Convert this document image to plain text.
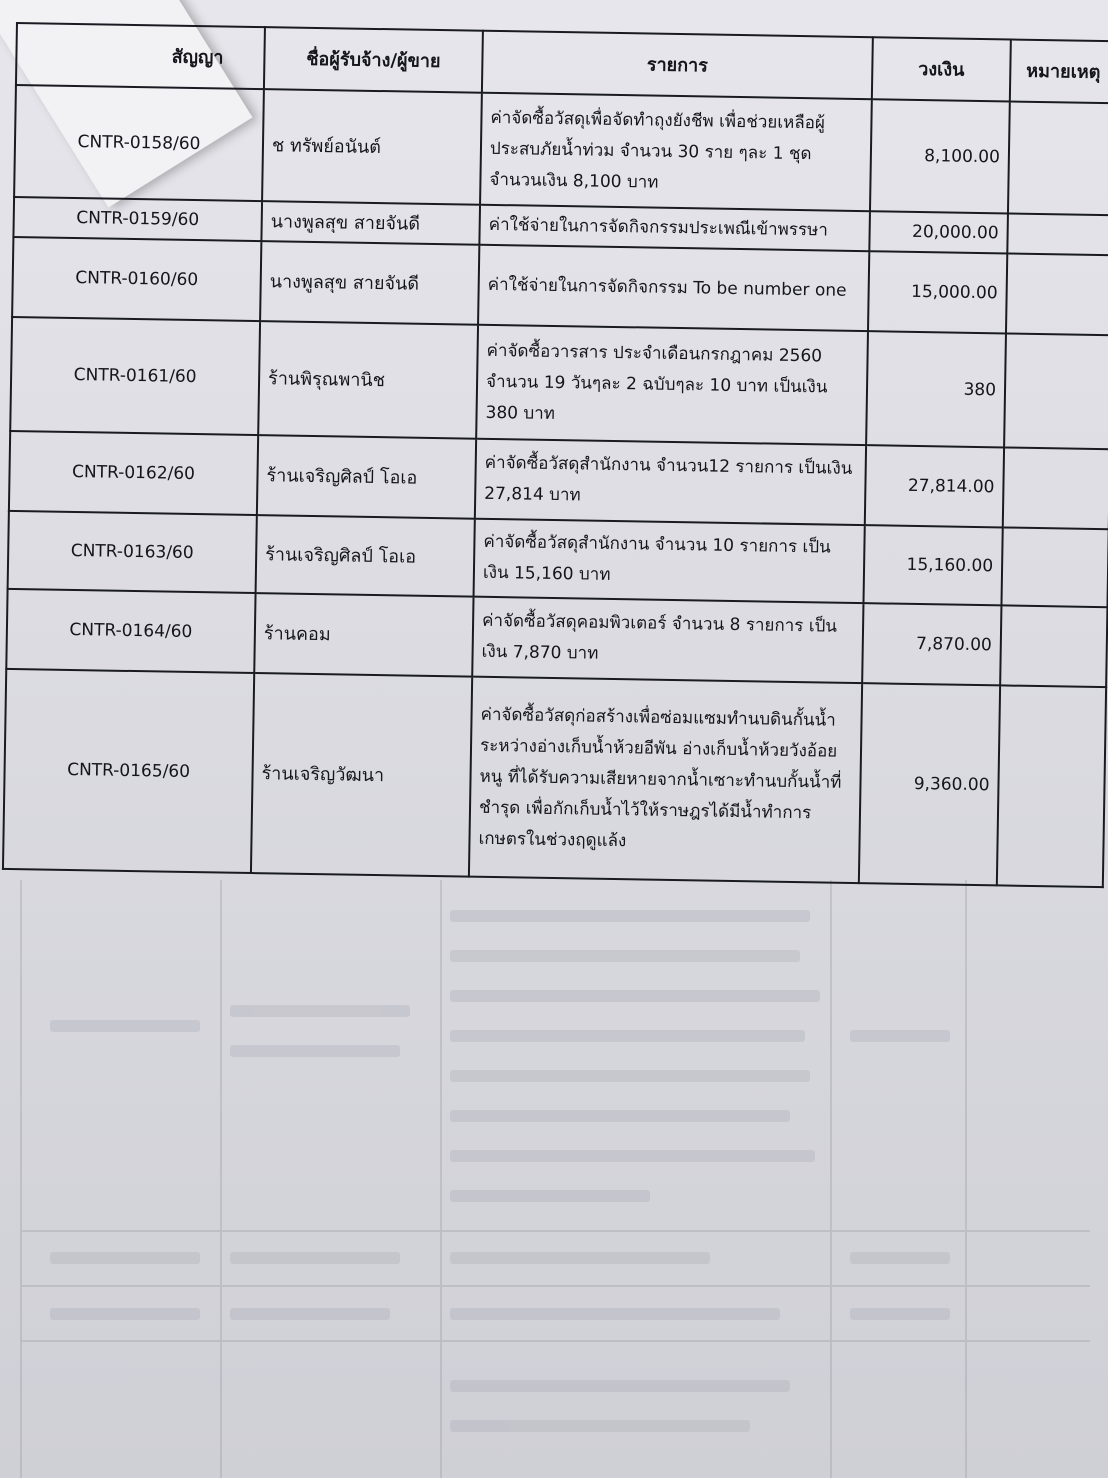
สัญญา	ชื่อผู้รับจ้าง/ผู้ขาย	รายการ	วงเงิน	หมายเหตุ
CNTR-0158/60	ช ทรัพย์อนันต์	ค่าจัดซื้อวัสดุเพื่อจัดทำถุงยังชีพ เพื่อช่วยเหลือผู้ประสบภัยน้ำท่วม จำนวน 30 ราย ๆละ 1 ชุด จำนวนเงิน 8,100 บาท	8,100.00	
CNTR-0159/60	นางพูลสุข สายจันดี	ค่าใช้จ่ายในการจัดกิจกรรมประเพณีเข้าพรรษา	20,000.00	
CNTR-0160/60	นางพูลสุข สายจันดี	ค่าใช้จ่ายในการจัดกิจกรรม To be number one	15,000.00	
CNTR-0161/60	ร้านพิรุณพานิช	ค่าจัดซื้อวารสาร ประจำเดือนกรกฎาคม 2560 จำนวน 19 วันๆละ 2 ฉบับๆละ 10 บาท เป็นเงิน 380 บาท	380	
CNTR-0162/60	ร้านเจริญศิลป์ โอเอ	ค่าจัดซื้อวัสดุสำนักงาน จำนวน12 รายการ เป็นเงิน 27,814 บาท	27,814.00	
CNTR-0163/60	ร้านเจริญศิลป์ โอเอ	ค่าจัดซื้อวัสดุสำนักงาน จำนวน 10 รายการ เป็นเงิน 15,160 บาท	15,160.00	
CNTR-0164/60	ร้านคอม	ค่าจัดซื้อวัสดุคอมพิวเตอร์ จำนวน 8 รายการ เป็นเงิน 7,870 บาท	7,870.00	
CNTR-0165/60	ร้านเจริญวัฒนา	ค่าจัดซื้อวัสดุก่อสร้างเพื่อซ่อมแซมทำนบดินกั้นน้ำระหว่างอ่างเก็บน้ำห้วยอีพัน อ่างเก็บน้ำห้วยวังอ้อยหนู ที่ได้รับความเสียหายจากน้ำเซาะทำนบกั้นน้ำที่ชำรุด เพื่อกักเก็บน้ำไว้ให้ราษฎรได้มีน้ำทำการเกษตรในช่วงฤดูแล้ง	9,360.00	
